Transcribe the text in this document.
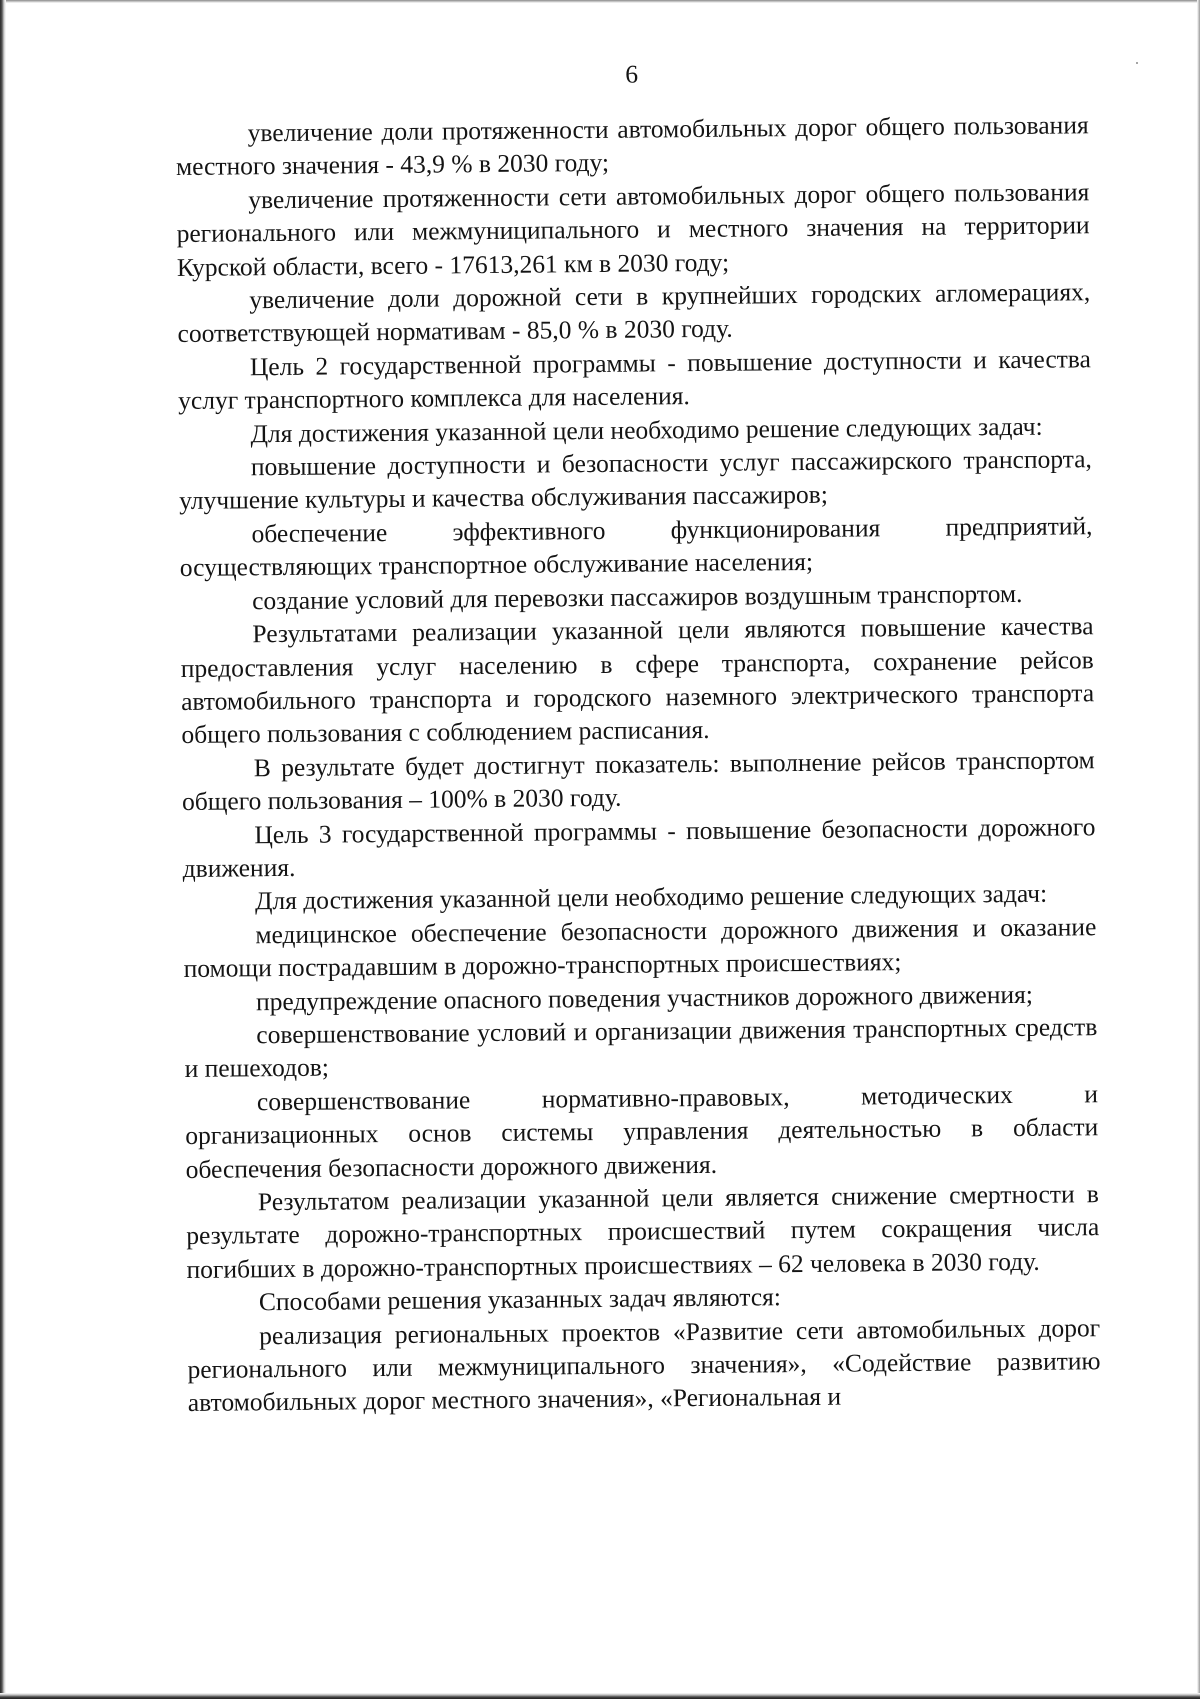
6

увеличение доли протяженности автомобильных дорог общего пользования местного значения - 43,9 % в 2030 году;

увеличение протяженности сети автомобильных дорог общего пользования регионального или межмуниципального и местного значения на территории Курской области, всего - 17613,261 км в 2030 году;

увеличение доли дорожной сети в крупнейших городских агломерациях, соответствующей нормативам - 85,0 % в 2030 году.

Цель 2 государственной программы - повышение доступности и качества услуг транспортного комплекса для населения.

Для достижения указанной цели необходимо решение следующих задач:

повышение доступности и безопасности услуг пассажирского транспорта, улучшение культуры и качества обслуживания пассажиров;

обеспечение эффективного функционирования предприятий, осуществляющих транспортное обслуживание населения;

создание условий для перевозки пассажиров воздушным транспортом.

Результатами реализации указанной цели являются повышение качества предоставления услуг населению в сфере транспорта, сохранение рейсов автомобильного транспорта и городского наземного электрического транспорта общего пользования с соблюдением расписания.

В результате будет достигнут показатель: выполнение рейсов транспортом общего пользования – 100% в 2030 году.

Цель 3 государственной программы - повышение безопасности дорожного движения.

Для достижения указанной цели необходимо решение следующих задач:

медицинское обеспечение безопасности дорожного движения и оказание помощи пострадавшим в дорожно-транспортных происшествиях;

предупреждение опасного поведения участников дорожного движения;

совершенствование условий и организации движения транспортных средств и пешеходов;

совершенствование нормативно-правовых, методических и организационных основ системы управления деятельностью в области обеспечения безопасности дорожного движения.

Результатом реализации указанной цели является снижение смертности в результате дорожно-транспортных происшествий путем сокращения числа погибших в дорожно-транспортных происшествиях – 62 человека в 2030 году.

Способами решения указанных задач являются:

реализация региональных проектов «Развитие сети автомобильных дорог регионального или межмуниципального значения», «Содействие развитию автомобильных дорог местного значения», «Региональная и
